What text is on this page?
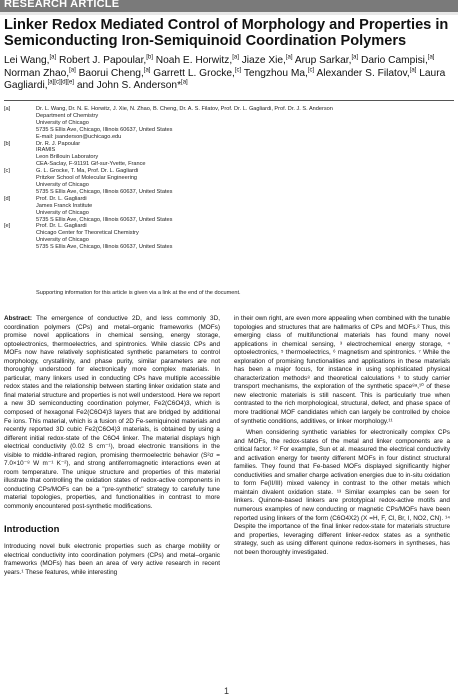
RESEARCH ARTICLE
Linker Redox Mediated Control of Morphology and Properties in Semiconducting Iron-Semiquinoid Coordination Polymers
Lei Wang,[a] Robert J. Papoular,[b] Noah E. Horwitz,[a] Jiaze Xie,[a] Arup Sarkar,[a] Dario Campisi,[a] Norman Zhao,[a] Baorui Cheng,[a] Garrett L. Grocke,[c] Tengzhou Ma,[c] Alexander S. Filatov,[a] Laura Gagliardi,[a][c][d][e] and John S. Anderson*[a]
[a]	Dr. L. Wang, Dr. N. E. Horwitz, J. Xie, N. Zhao, B. Cheng, Dr. A. S. Filatov, Prof. Dr. L. Gagliardi, Prof. Dr. J. S. Anderson
Department of Chemistry
University of Chicago
5735 S Ellis Ave, Chicago, Illinois 60637, United States
E-mail: jsanderson@uchicago.edu
[b]	Dr. R. J. Papoular
IRAMIS
Leon Brillouin Laboratory
CEA-Saclay, F-91191 Gif-sur-Yvette, France
[c]	G. L. Grocke, T. Ma, Prof. Dr. L. Gagliardi
Pritzker School of Molecular Engineering
University of Chicago
5735 S Ellis Ave, Chicago, Illinois 60637, United States
[d]	Prof. Dr. L. Gagliardi
James Franck Institute
University of Chicago
5735 S Ellis Ave, Chicago, Illinois 60637, United States
[e]	Prof. Dr. L. Gagliardi
Chicago Center for Theoretical Chemistry
University of Chicago
5735 S Ellis Ave, Chicago, Illinois 60637, United States
Supporting information for this article is given via a link at the end of the document.

Abstract: The emergence of conductive 2D, and less commonly 3D, coordination polymers (CPs) and metal–organic frameworks (MOFs) promise novel applications in chemical sensing, energy storage, optoelectronics, thermoelectrics, and spintronics. While classic CPs and MOFs now have relatively sophisticated synthetic parameters to control morphology, crystallinity, and phase purity, similar parameters are not thoroughly understood for electronically more complex materials. In particular, many linkers used in conducting CPs have multiple accessible redox states and the relationship between starting linker oxidation state and final material structure and properties is not well understood. Here we report a new 3D semiconducting coordination polymer, Fe2(C6O4)3, which is composed of hexagonal Fe2(C6O4)3 layers that are bridged by additional Fe ions. This material, which is a fusion of 2D Fe-semiquinoid materials and recently reported 3D cubic Fe2(C6O4)3 materials, is obtained by using a different initial redox-state of the C6O4 linker. The material displays high electrical conductivity (0.02 S cm⁻¹), broad electronic transitions in the visible to middle-infrared region, promising thermoelectric behavior (S²σ = 7.0×10⁻⁸ W m⁻¹ K⁻²), and strong antiferromagnetic interactions even at room temperature. The unique structure and properties of this material illustrate that controlling the oxidation states of redox-active components in conducting CPs/MOFs can be a "pre-synthetic" strategy to carefully tune material topologies, properties, and functionalities in contrast to more commonly encountered post-synthetic modifications.

Introduction

Introducing novel bulk electronic properties such as charge mobility or electrical conductivity into coordination polymers (CPs) and metal–organic frameworks (MOFs) has been an area of very active research in recent years.¹ These features, while interesting

in their own right, are even more appealing when combined with the tunable topologies and structures that are hallmarks of CPs and MOFs.² Thus, this emerging class of multifunctional materials has found many novel applications in chemical sensing, ³ electrochemical energy storage, ⁴ optoelectronics, ⁵ thermoelectrics, ⁶ magnetism and spintronics. ⁷ While the exploration of promising functionalities and applications in these materials has been a major focus, for instance in using sophisticated physical characterization methods⁸ and theoretical calculations ⁹ to study carrier transport mechanisms, the exploration of the synthetic space⁸ᵃ,¹⁰ of these new electronic materials is still nascent. This is particularly true when contrasted to the rich morphological, structural, defect, and phase space of more traditional MOF candidates which can largely be controlled by choice of synthetic conditions, additives, or linker morphology.¹¹

When considering synthetic variables for electronically complex CPs and MOFs, the redox-states of the metal and linker components are a critical factor. ¹² For example, Sun et al. measured the electrical conductivity and activation energy for twenty different MOFs in four distinct structural families. They found that Fe-based MOFs displayed significantly higher conductivities and smaller charge activation energies due to in-situ oxidation to form Fe(II/III) mixed valency in contrast to the other metals which maintain divalent oxidation state. ¹³ Similar examples can be seen for linkers. Quinone-based linkers are prototypical redox-active motifs and numerous examples of new conducting or magnetic CPs/MOFs have been reported using linkers of the form (C6O4X2) (X =H, F, Cl, Br, I, NO2, CN). ¹⁴ Despite the importance of the final linker redox-state for materials structure and properties, leveraging different linker-redox states as a synthetic strategy, such as using different quinone redox-isomers in syntheses, has not been thoroughly investigated.

1
